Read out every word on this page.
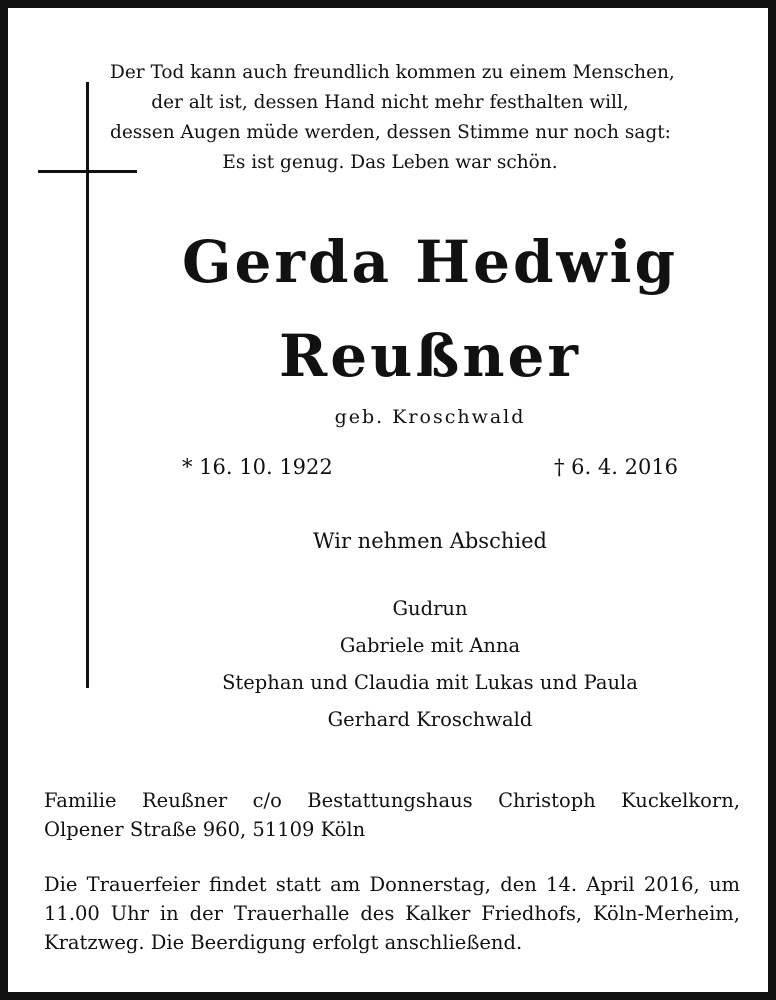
Der Tod kann auch freundlich kommen zu einem Menschen,
der alt ist, dessen Hand nicht mehr festhalten will,
dessen Augen müde werden, dessen Stimme nur noch sagt:
Es ist genug. Das Leben war schön.
Gerda Hedwig
Reußner
geb. Kroschwald
* 16. 10. 1922	† 6. 4. 2016
Wir nehmen Abschied
Gudrun
Gabriele mit Anna
Stephan und Claudia mit Lukas und Paula
Gerhard Kroschwald
Familie Reußner c/o Bestattungshaus Christoph Kuckelkorn,
Olpener Straße 960, 51109 Köln
Die Trauerfeier findet statt am Donnerstag, den 14. April 2016, um
11.00 Uhr in der Trauerhalle des Kalker Friedhofs, Köln-Merheim,
Kratzweg. Die Beerdigung erfolgt anschließend.
